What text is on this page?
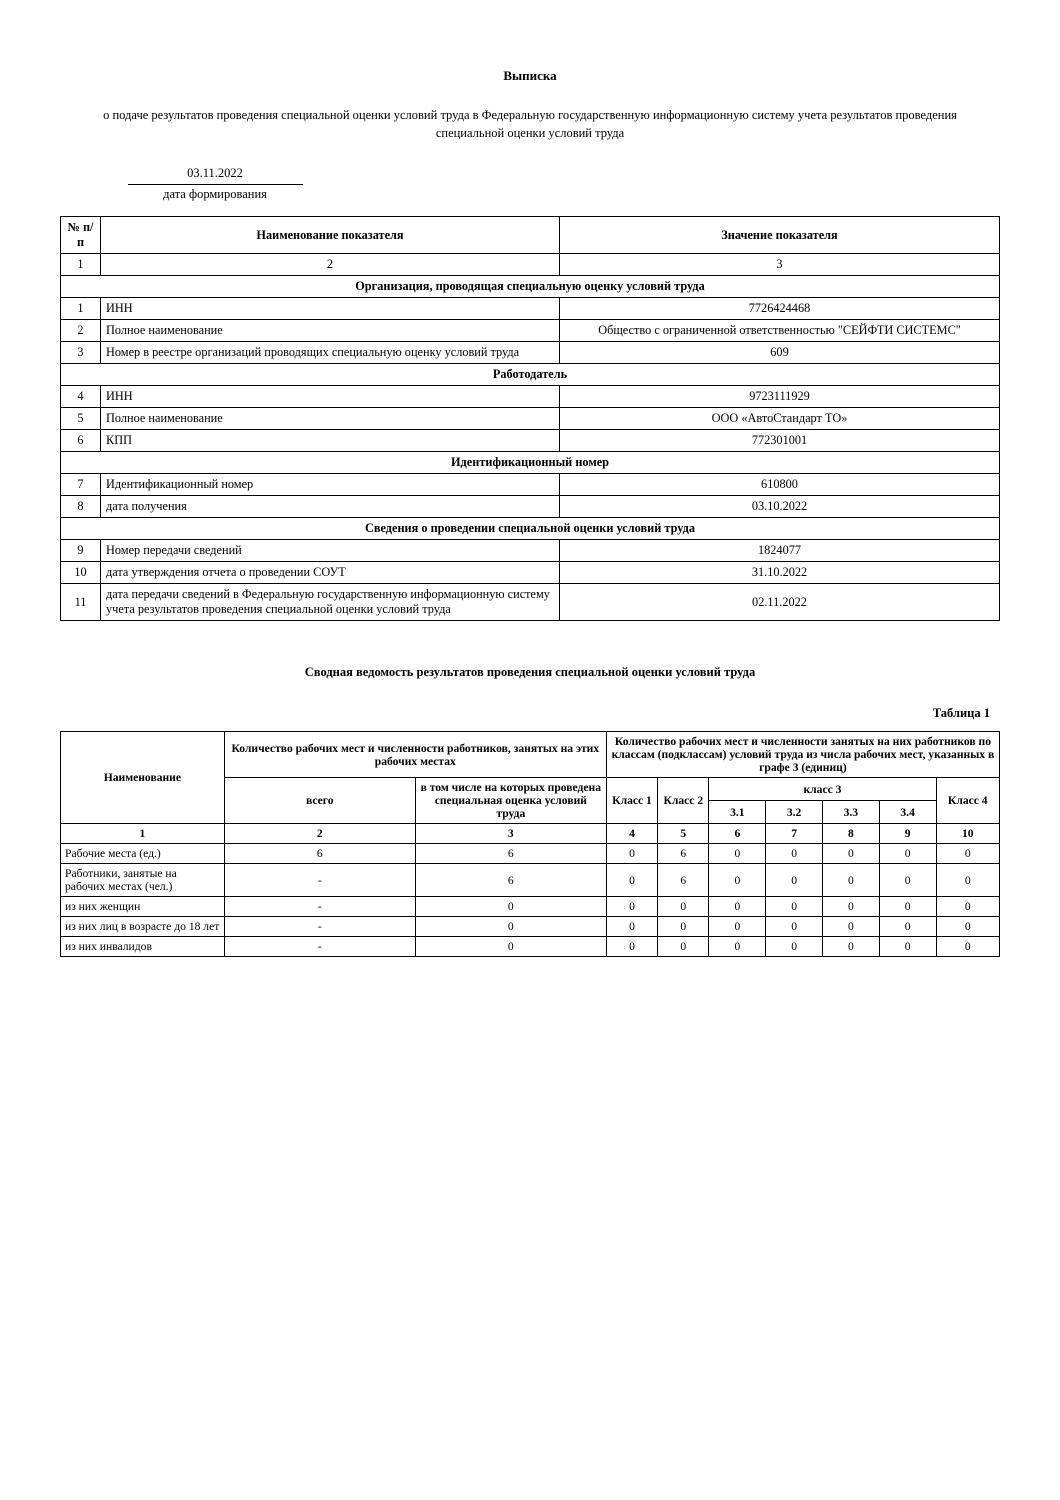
Выписка
о подаче результатов проведения специальной оценки условий труда в Федеральную государственную информационную систему учета результатов проведения специальной оценки условий труда
03.11.2022
дата формирования
№ п/п	Наименование показателя	Значение показателя
1	2	3
Организация, проводящая специальную оценку условий труда		
1	ИНН	7726424468
2	Полное наименование	Общество с ограниченной ответственностью "СЕЙФТИ СИСТЕМС"
3	Номер в реестре организаций проводящих специальную оценку условий труда	609
Работодатель		
4	ИНН	9723111929
5	Полное наименование	ООО «АвтоСтандарт ТО»
6	КПП	772301001
Идентификационный номер		
7	Идентификационный номер	610800
8	дата получения	03.10.2022
Сведения о проведении специальной оценки условий труда		
9	Номер передачи сведений	1824077
10	дата утверждения отчета о проведении СОУТ	31.10.2022
11	дата передачи сведений в Федеральную государственную информационную систему учета результатов проведения специальной оценки условий труда	02.11.2022
Сводная ведомость результатов проведения специальной оценки условий труда
Таблица 1
Наименование	Количество рабочих мест и численности работников, занятых на этих рабочих местах		Количество рабочих мест и численности занятых на них работников по классам (подклассам) условий труда из числа рабочих мест, указанных в графе 3 (единиц)						
	всего	в том числе на которых проведена специальная оценка условий труда	Класс 1	Класс 2	класс 3				Класс 4
					3.1	3.2	3.3	3.4	
1	2	3	4	5	6	7	8	9	10
Рабочие места (ед.)	6	6	0	6	0	0	0	0	0
Работники, занятые на рабочих местах (чел.)	-	6	0	6	0	0	0	0	0
из них женщин	-	0	0	0	0	0	0	0	0
из них лиц в возрасте до 18 лет	-	0	0	0	0	0	0	0	0
из них инвалидов	-	0	0	0	0	0	0	0	0
